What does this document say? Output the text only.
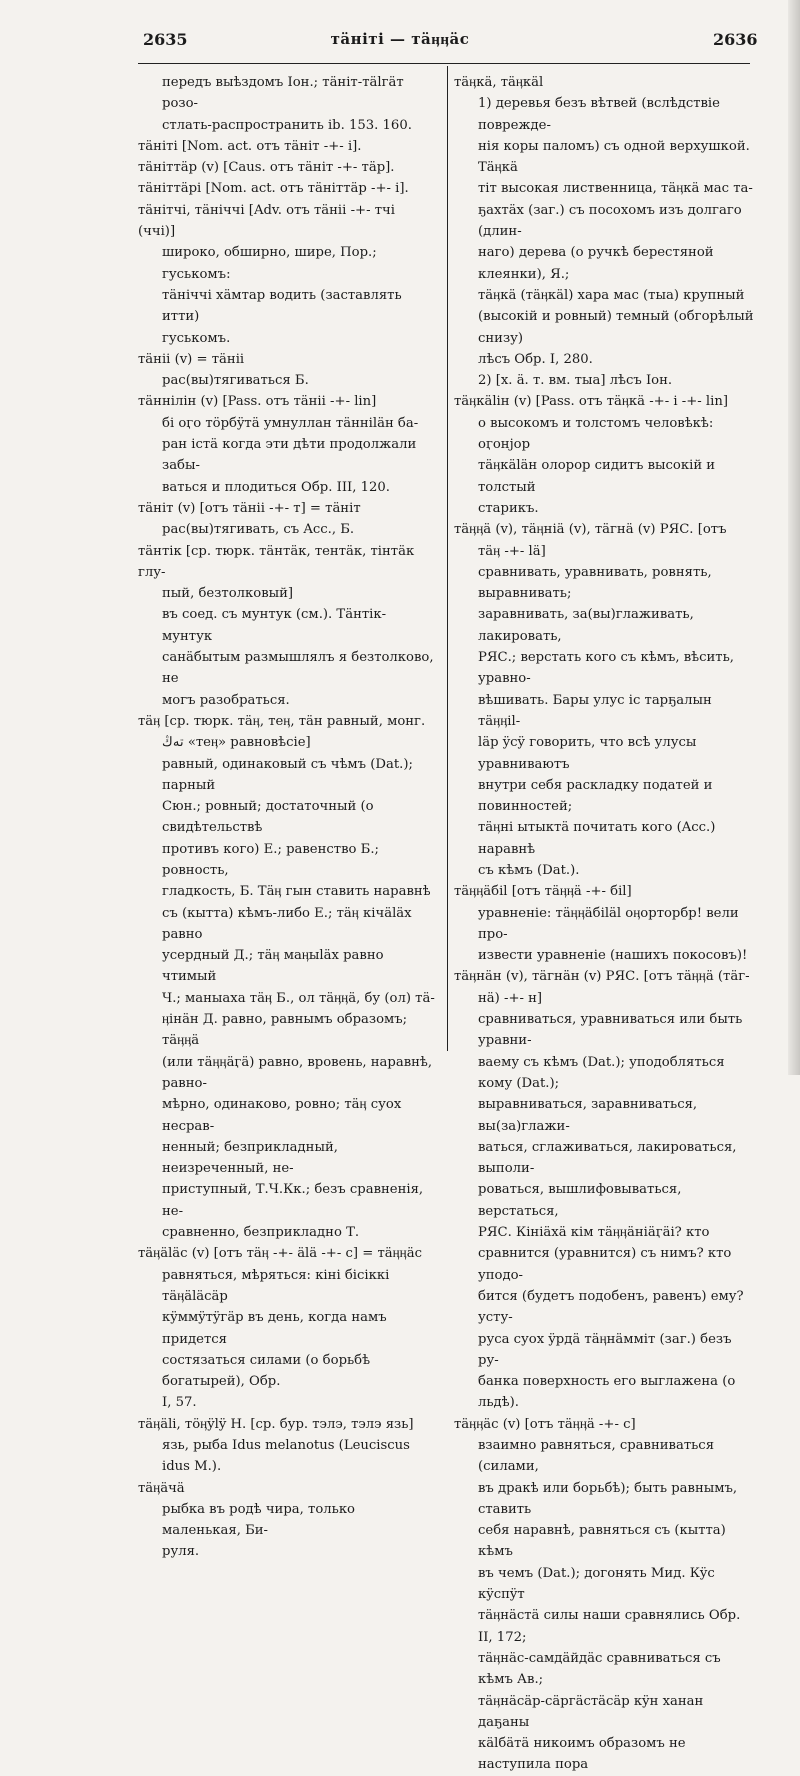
2635	тäнiтi — тäӊӊäс	2636

передъ выѣздомъ Іон.; тäнiт-тälгäт розо-

стлать-распространить ib. 153. 160.

тäнiтi [Nom. act. отъ тäнiт -+- i].

тäнiттäр (v) [Caus. отъ тäнiт -+- тäр].

тäнiттäрi [Nom. act. отъ тäнiттäр -+- i].

тäнiтчi, тäнiччi [Adv. отъ тäнii -+- тчi (ччi)]

широко, обширно, шире, Пор.; гуськомъ:

тäнiччi хäмтар водить (заставлять итти)

гуськомъ.

тäнii (v) = тäнii

рас(вы)тягиваться Б.

тäннiлiн (v) [Pass. отъ тäнii -+- lin]

бi оӷо тöрбÿтä умнуллан тäннiläн ба-

ран iстä когда эти дѣти продолжали забы-

ваться и плодиться Обр. III, 120.

тäнiт (v) [отъ тäнii -+- т] = тäнiт

рас(вы)тягивать, съ Acc., Б.

тäнтiк [ср. тюрк. тäнтäк, тентäк, тiнтäк глу-

пый, безтолковый]

въ соед. съ мунтук (см.). Тäнтiк-мунтук

санäбытым размышлялъ я безтолково, не

могъ разобраться.

тäӊ [ср. тюрк. тäӊ, теӊ, тäн равный, монг.

تەڭ «теӊ» равновѣсiе]

равный, одинаковый съ чѣмъ (Dat.); парный

Сюн.; ровный; достаточный (о свидѣтельствѣ

противъ кого) Е.; равенство Б.; ровность,

гладкость, Б. Тäӊ гын ставить наравнѣ

съ (кытта) кѣмъ-либо Е.; тäӊ кiчäläх равно

усердный Д.; тäӊ маӊыläх равно чтимый

Ч.; маныаха тäӊ Б., ол тäӊӊä, бу (ол) тä-

ӊiнäн Д. равно, равнымъ образомъ; тäӊӊä

(или тäӊӊäӷä) равно, вровень, наравнѣ, равно-

мѣрно, одинаково, ровно; тäӊ суох несрав-

ненный; безприкладный, неизреченный, не-

приступный, Т.Ч.Кк.; безъ сравненiя, не-

сравненно, безприкладно Т.

тäӊäläс (v) [отъ тäӊ -+- älä -+- с] = тäӊӊäс

равняться, мѣряться: кiнi бiсiккi тäӊäläсäр

кÿммÿтÿгäр въ день, когда намъ придется

состязаться силами (о борьбѣ богатырей), Обр.

I, 57.

тäӊäli, тöӊÿlÿ Н. [ср. бур. тэлэ, тэлэ язь]

язь, рыба Idus melanotus (Leuciscus idus М.).

тäӊäчä

рыбка въ родѣ чира, только маленькая, Би-

руля.

тäӊкä, тäӊкäl

1) деревья безъ вѣтвей (вслѣдствiе поврежде-

нiя коры паломъ) съ одной верхушкой. Тäӊкä

тiт высокая лиственница, тäӊкä мас та-

ҕахтäх (заг.) съ посохомъ изъ долгаго (длин-

наго) дерева (о ручкѣ берестяной клеянки), Я.;

тäӊкä (тäӊкäl) хара мас (тыа) крупный

(высокiй и ровный) темный (обгорѣлый снизу)

лѣсъ Обр. I, 280.

2) [х. ä. т. вм. тыа] лѣсъ Іон.

тäӊкälін (v) [Pass. отъ тäӊкä -+- i -+- lin]

о высокомъ и толстомъ человѣкѣ: оӷонjор

тäӊкäläн олорор сидитъ высокiй и толстый

старикъ.

тäӊӊä (v), тäӊнiä (v), тäгнä (v) РЯС. [отъ

тäӊ -+- lä]

сравнивать, уравнивать, ровнять, выравнивать;

заравнивать, за(вы)глаживать, лакировать,

РЯС.; верстать кого съ кѣмъ, вѣсить, уравно-

вѣшивать. Бары улус iс тарҕалын тäӊӊil-

läр ÿсÿ говорить, что всѣ улусы уравниваютъ

внутри себя раскладку податей и повинностей;

тäӊнi ытыктä почитать кого (Acc.) наравнѣ

съ кѣмъ (Dat.).

тäӊӊäбil [отъ тäӊӊä -+- бil]

уравненiе: тäӊӊäбiläl оӊорторбр! вели про-

извести уравненiе (нашихъ покосовъ)!

тäӊнäн (v), тäгнäн (v) РЯС. [отъ тäӊӊä (тäг-

нä) -+- н]

сравниваться, уравниваться или быть уравни-

ваему съ кѣмъ (Dat.); уподобляться кому (Dat.);

выравниваться, заравниваться, вы(за)глажи-

ваться, сглаживаться, лакироваться, выполи-

роваться, вышлифовываться, верстаться,

РЯС. Кiнiäхä кiм тäӊӊäнiäӷäi? кто

сравнится (уравнится) съ нимъ? кто уподо-

бится (будетъ подобенъ, равенъ) ему? усту-

руса суох ÿрдä тäӊнäмміт (заг.) безъ ру-

банка поверхность его выглажена (о льдѣ).

тäӊӊäс (v) [отъ тäӊӊä -+- с]

взаимно равняться, сравниваться (силами,

въ дракѣ или борьбѣ); быть равнымъ, ставить

себя наравнѣ, равняться съ (кытта) кѣмъ

въ чемъ (Dat.); догонять Мид. Кÿс кÿспÿт

тäӊнäстä силы наши сравнялись Обр. II, 172;

тäӊнäс-самдäйдäс сравниваться съ кѣмъ Ав.;

тäӊнäсäр-сäргäстäсäр кÿн ханан даҕаны

кälбäтä никоимъ образомъ не наступила пора
